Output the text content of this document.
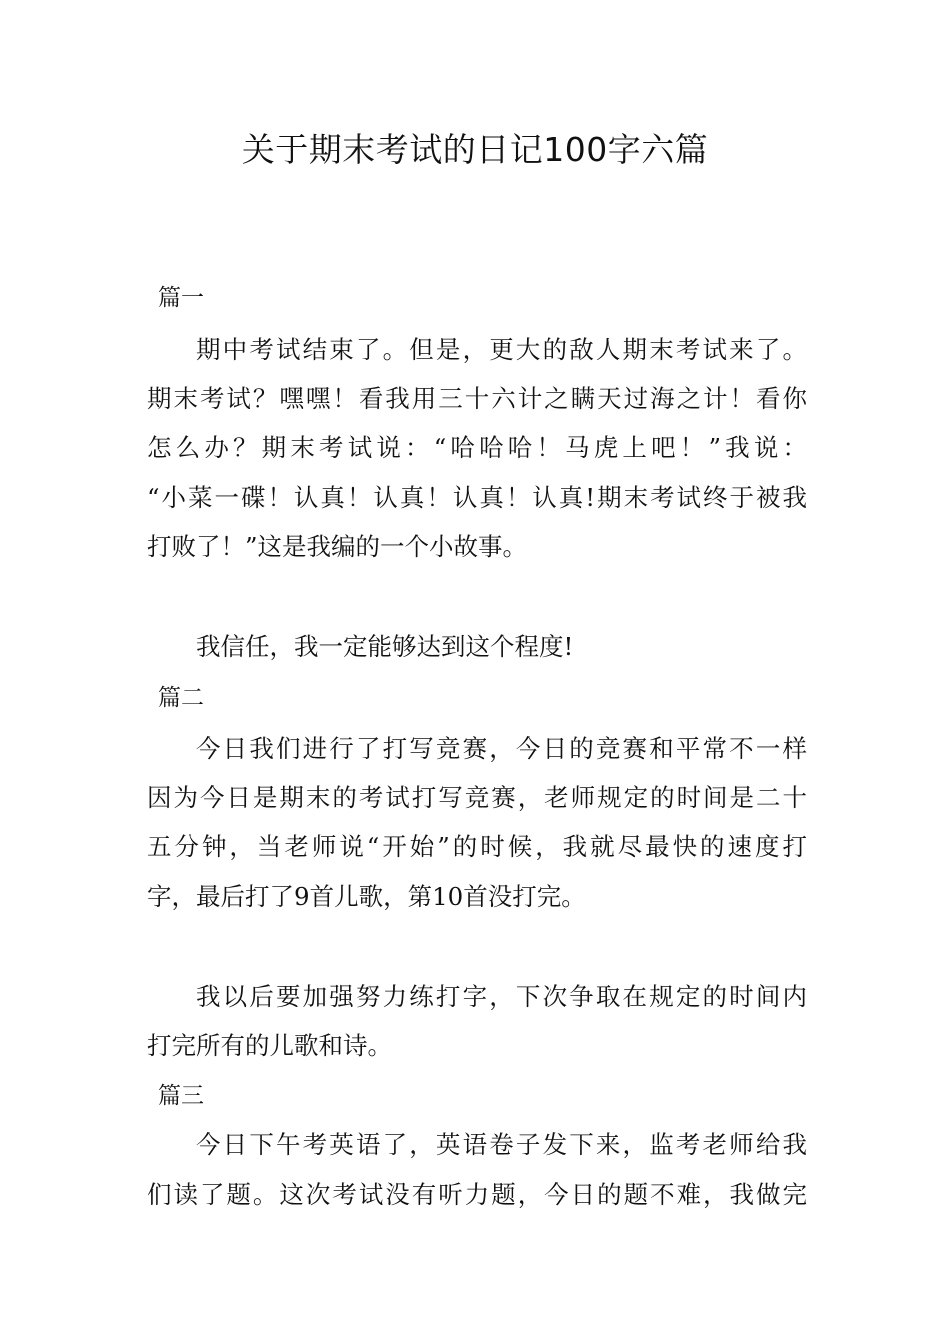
关于期末考试的日记100字六篇
篇一
期中考试结束了。但是，更大的敌人期末考试来了。
期末考试？嘿嘿！看我用三十六计之瞒天过海之计！看你
怎么办？期末考试说：“哈哈哈！马虎上吧！”我说：
“小菜一碟！认真！认真！认真！认真!期末考试终于被我
打败了！”这是我编的一个小故事。
我信任，我一定能够达到这个程度!
篇二
今日我们进行了打写竞赛，今日的竞赛和平常不一样
因为今日是期末的考试打写竞赛，老师规定的时间是二十
五分钟，当老师说“开始”的时候，我就尽最快的速度打
字，最后打了9首儿歌，第10首没打完。
我以后要加强努力练打字，下次争取在规定的时间内
打完所有的儿歌和诗。
篇三
今日下午考英语了，英语卷子发下来，监考老师给我
们读了题。这次考试没有听力题，今日的题不难，我做完
